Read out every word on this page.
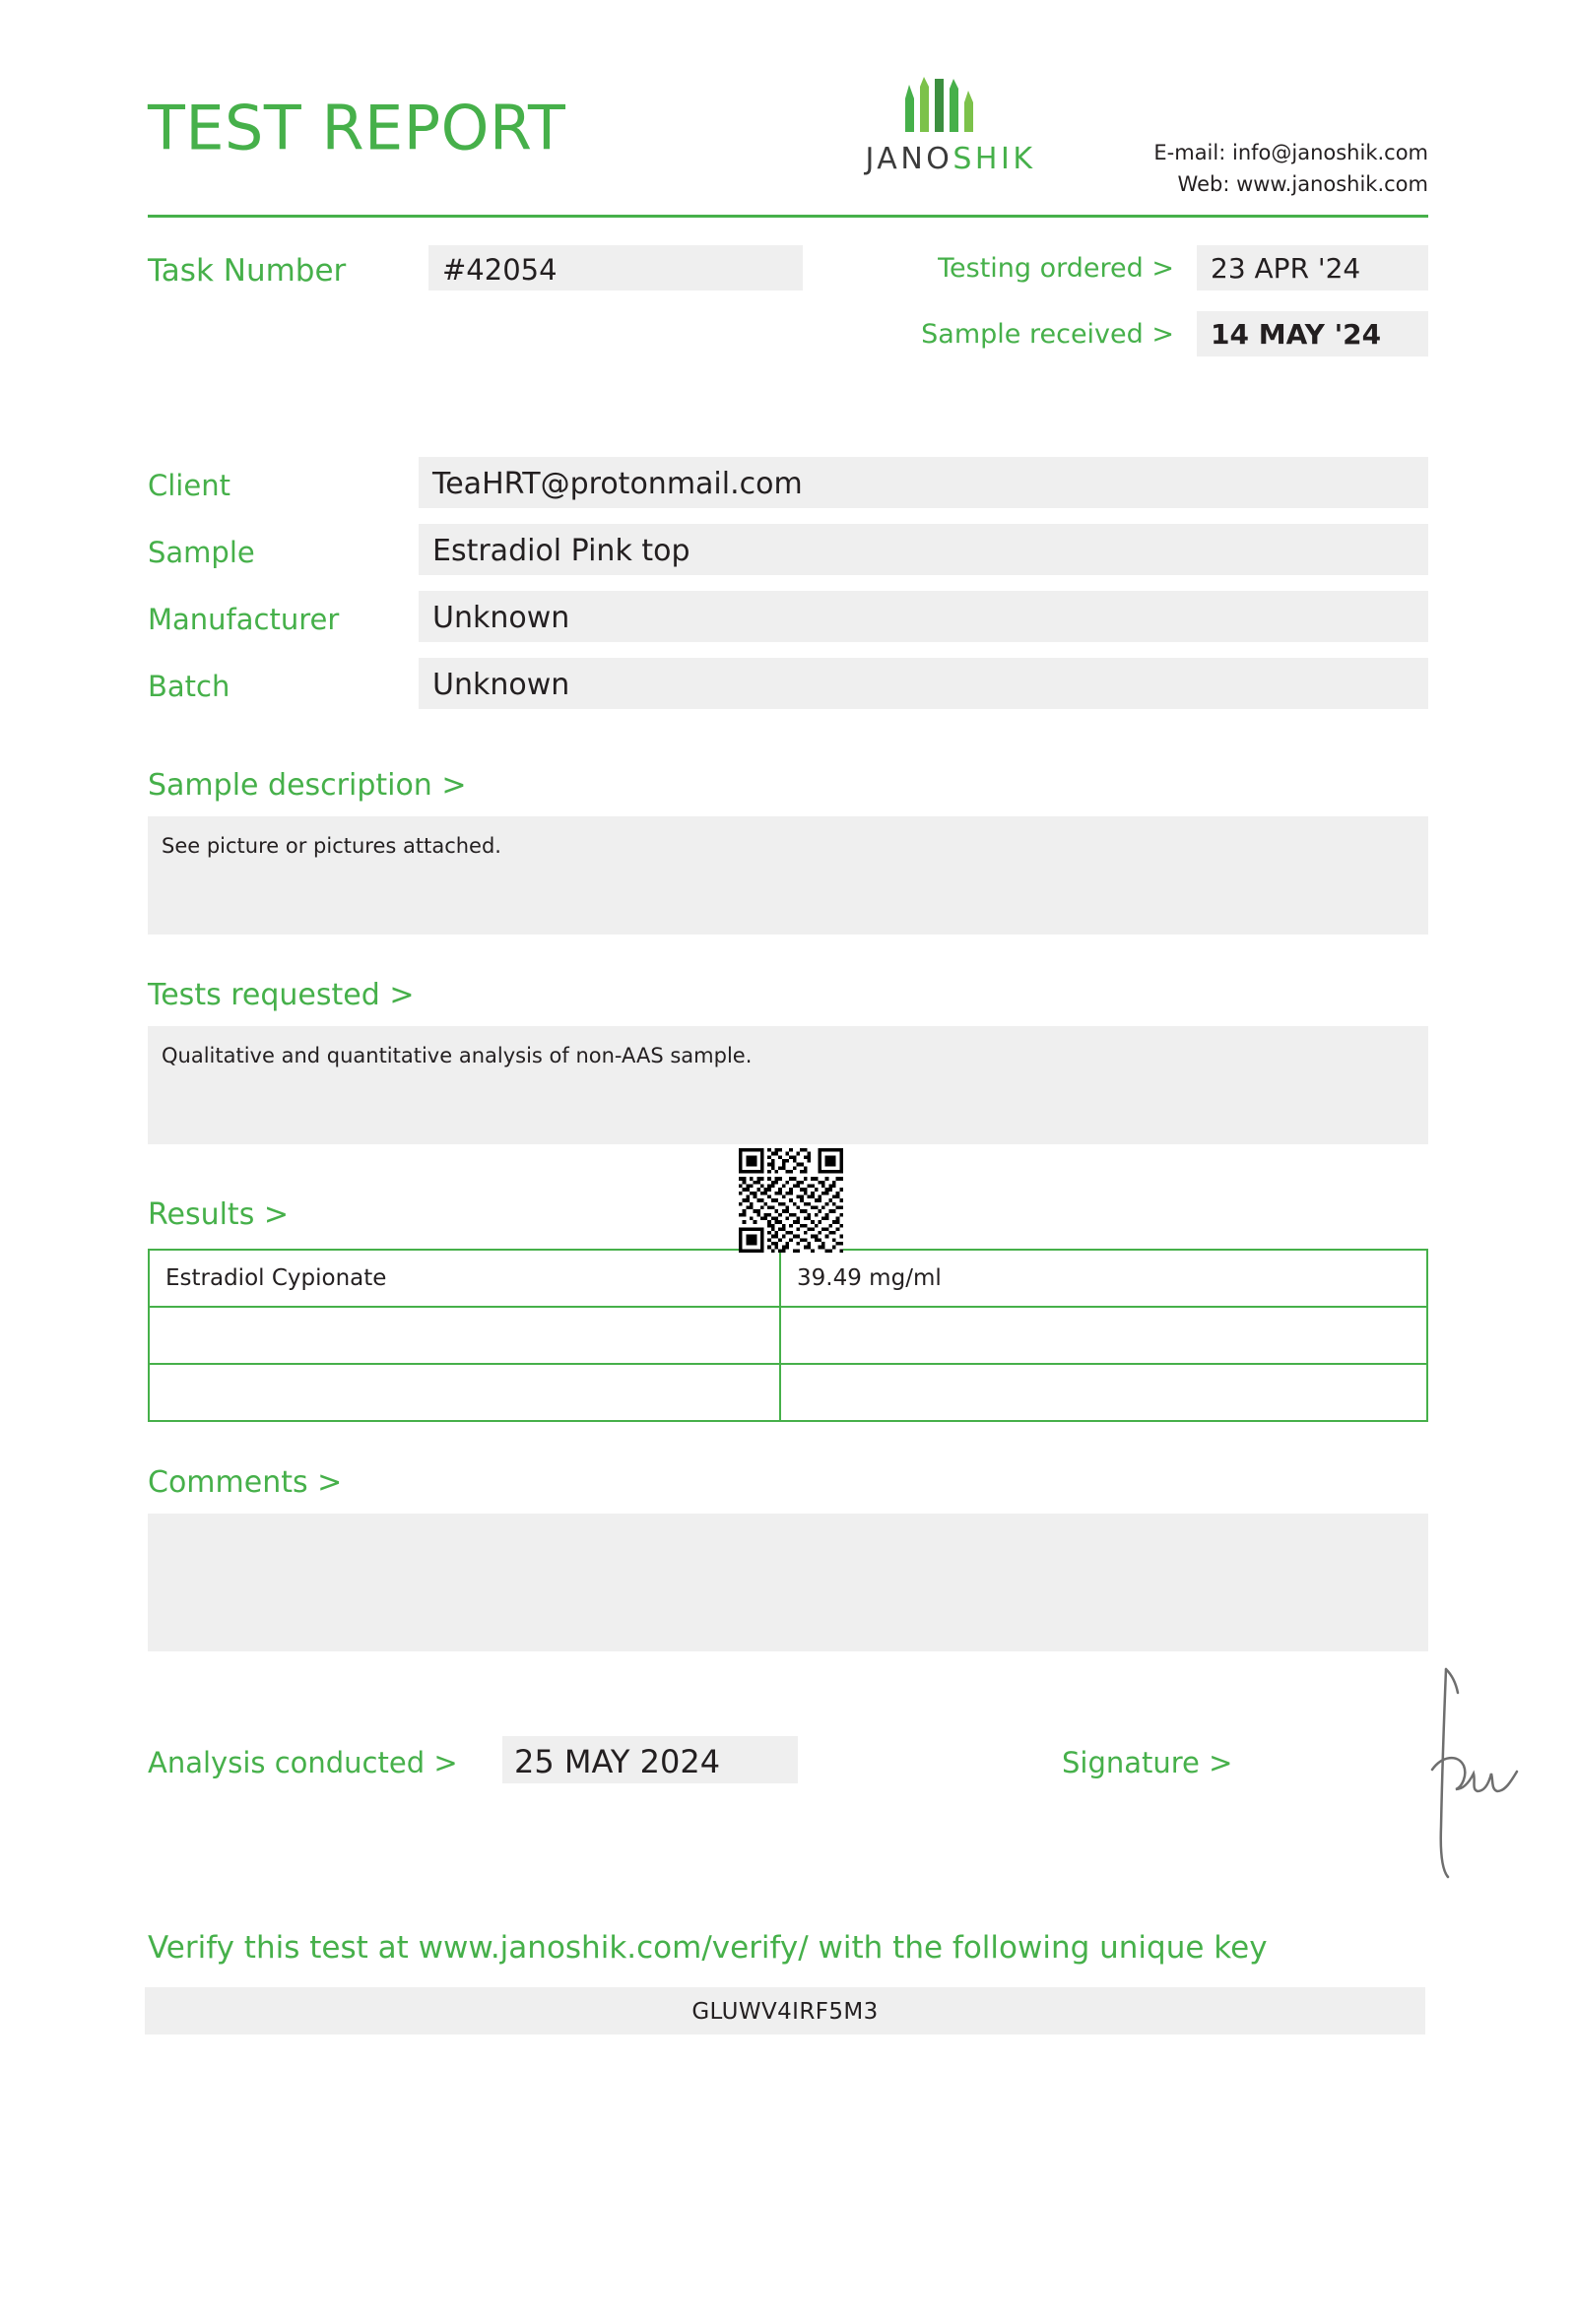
TEST REPORT	JANOSHIK	E-mail: info@janoshik.com
Web: www.janoshik.com
Task Number	#42054	Testing ordered >	23 APR '24
Sample received >	14 MAY '24
Client	TeaHRT@protonmail.com
Sample	Estradiol Pink top
Manufacturer	Unknown
Batch	Unknown
Sample description >
See picture or pictures attached.
Tests requested >
Qualitative and quantitative analysis of non-AAS sample.
Results >
Estradiol Cypionate	39.49 mg/ml

Comments >
Analysis conducted >	25 MAY 2024	Signature >
Verify this test at www.janoshik.com/verify/ with the following unique key
GLUWV4IRF5M3
